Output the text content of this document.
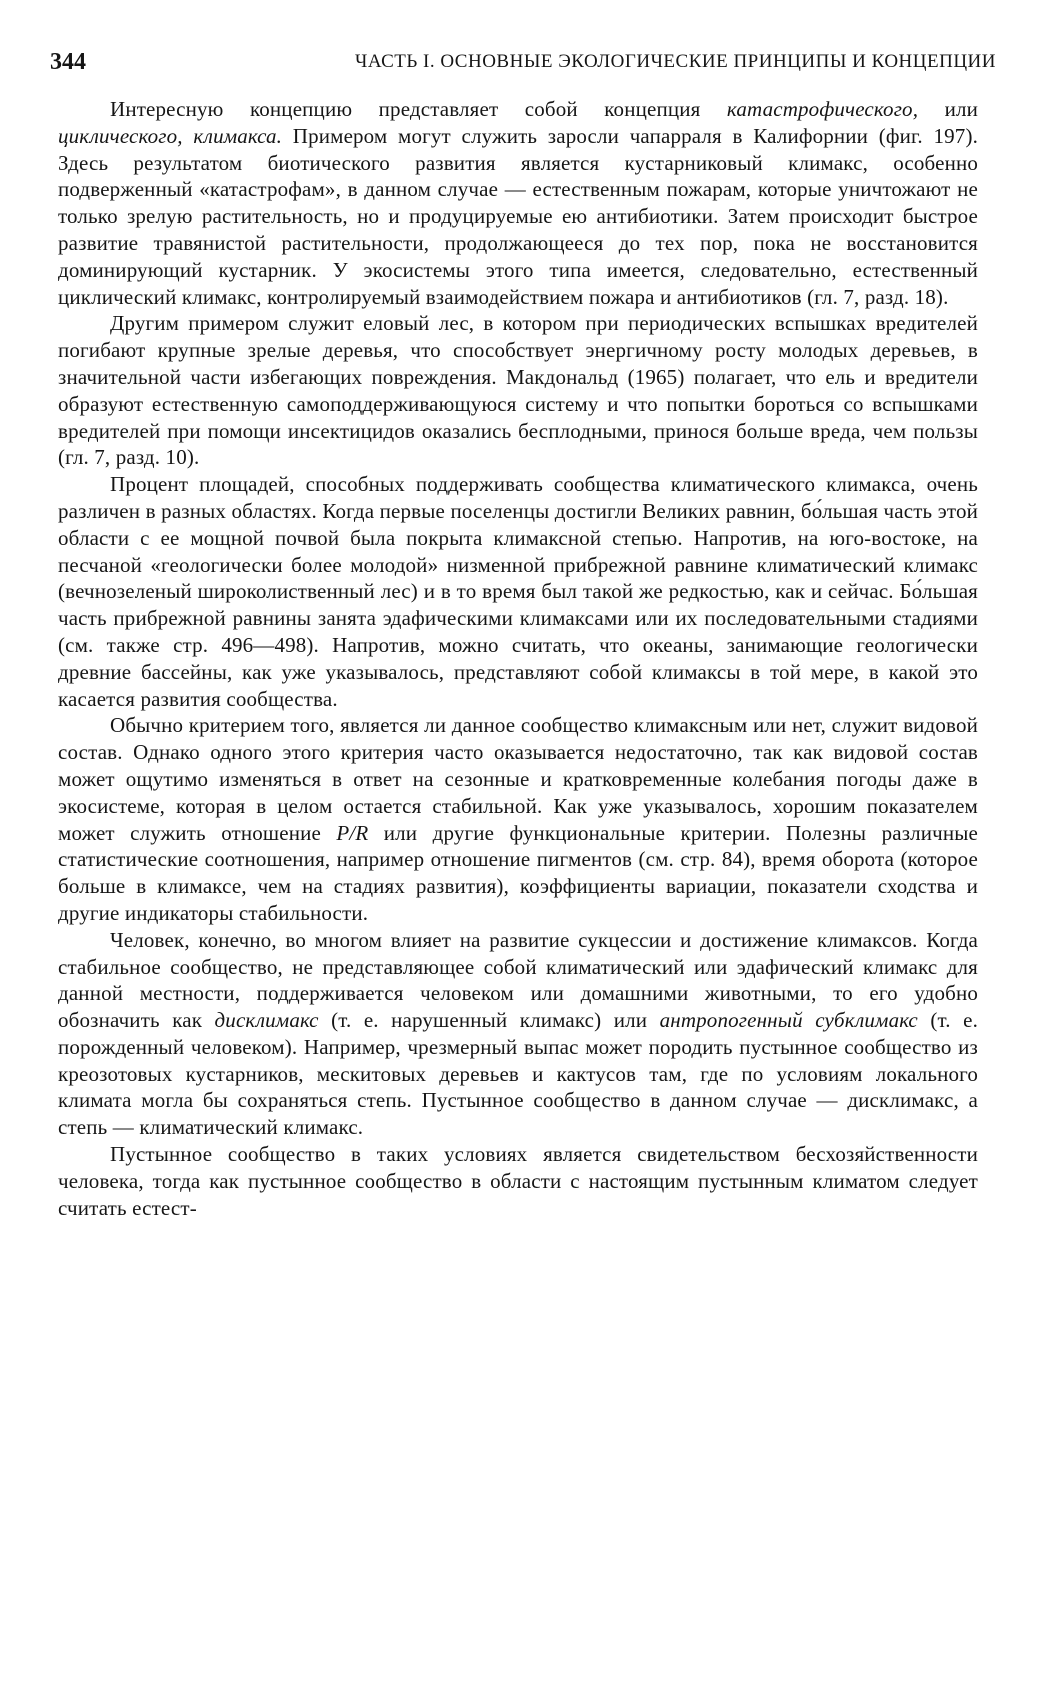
344	ЧАСТЬ I. ОСНОВНЫЕ ЭКОЛОГИЧЕСКИЕ ПРИНЦИПЫ И КОНЦЕПЦИИ

Интересную концепцию представляет собой концепция катастрофического, или циклического, климакса. Примером могут служить заросли чапарраля в Калифорнии (фиг. 197). Здесь результатом биотического развития является кустарниковый климакс, особенно подверженный «катастрофам», в данном случае — естественным пожарам, которые уничтожают не только зрелую растительность, но и продуцируемые ею антибиотики. Затем происходит быстрое развитие травянистой растительности, продолжающееся до тех пор, пока не восстановится доминирующий кустарник. У экосистемы этого типа имеется, следовательно, естественный циклический климакс, контролируемый взаимодействием пожара и антибиотиков (гл. 7, разд. 18).

Другим примером служит еловый лес, в котором при периодических вспышках вредителей погибают крупные зрелые деревья, что способствует энергичному росту молодых деревьев, в значительной части избегающих повреждения. Макдональд (1965) полагает, что ель и вредители образуют естественную самоподдерживающуюся систему и что попытки бороться со вспышками вредителей при помощи инсектицидов оказались бесплодными, принося больше вреда, чем пользы (гл. 7, разд. 10).

Процент площадей, способных поддерживать сообщества климатического климакса, очень различен в разных областях. Когда первые поселенцы достигли Великих равнин, бо́льшая часть этой области с ее мощной почвой была покрыта климаксной степью. Напротив, на юго-востоке, на песчаной «геологически более молодой» низменной прибрежной равнине климатический климакс (вечнозеленый широколиственный лес) и в то время был такой же редкостью, как и сейчас. Бо́льшая часть прибрежной равнины занята эдафическими климаксами или их последовательными стадиями (см. также стр. 496—498). Напротив, можно считать, что океаны, занимающие геологически древние бассейны, как уже указывалось, представляют собой климаксы в той мере, в какой это касается развития сообщества.

Обычно критерием того, является ли данное сообщество климаксным или нет, служит видовой состав. Однако одного этого критерия часто оказывается недостаточно, так как видовой состав может ощутимо изменяться в ответ на сезонные и кратковременные колебания погоды даже в экосистеме, которая в целом остается стабильной. Как уже указывалось, хорошим показателем может служить отношение P/R или другие функциональные критерии. Полезны различные статистические соотношения, например отношение пигментов (см. стр. 84), время оборота (которое больше в климаксе, чем на стадиях развития), коэффициенты вариации, показатели сходства и другие индикаторы стабильности.

Человек, конечно, во многом влияет на развитие сукцессии и достижение климаксов. Когда стабильное сообщество, не представляющее собой климатический или эдафический климакс для данной местности, поддерживается человеком или домашними животными, то его удобно обозначить как дисклимакс (т. е. нарушенный климакс) или антропогенный субклимакс (т. е. порожденный человеком). Например, чрезмерный выпас может породить пустынное сообщество из креозотовых кустарников, мескитовых деревьев и кактусов там, где по условиям локального климата могла бы сохраняться степь. Пустынное сообщество в данном случае — дисклимакс, а степь — климатический климакс.

Пустынное сообщество в таких условиях является свидетельством бесхозяйственности человека, тогда как пустынное сообщество в области с настоящим пустынным климатом следует считать естест-
